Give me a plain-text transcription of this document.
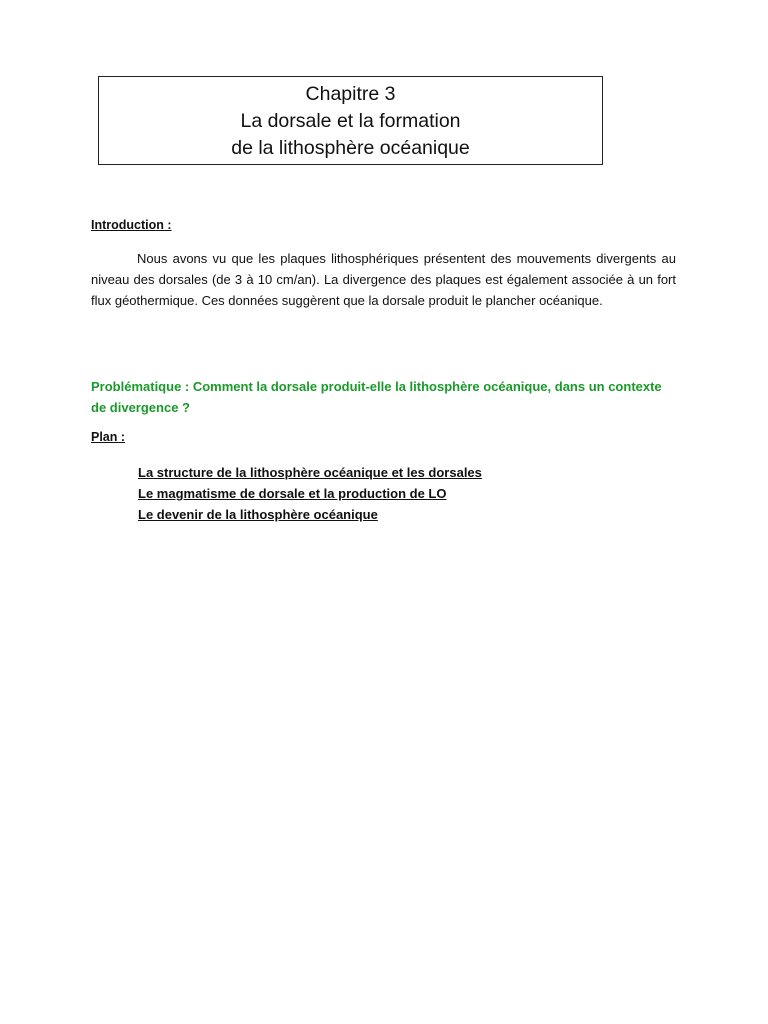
Chapitre 3
La dorsale et la formation
de la lithosphère océanique
Introduction :

Nous avons vu que les plaques lithosphériques présentent des mouvements divergents au niveau des dorsales (de 3 à 10 cm/an). La divergence des plaques est également associée à un fort flux géothermique. Ces données suggèrent que la dorsale produit le plancher océanique.

Problématique : Comment la dorsale produit-elle la lithosphère océanique, dans un contexte de divergence ?

Plan :
La structure de la lithosphère océanique et les dorsales
Le magmatisme de dorsale et la production de LO
Le devenir de la lithosphère océanique
